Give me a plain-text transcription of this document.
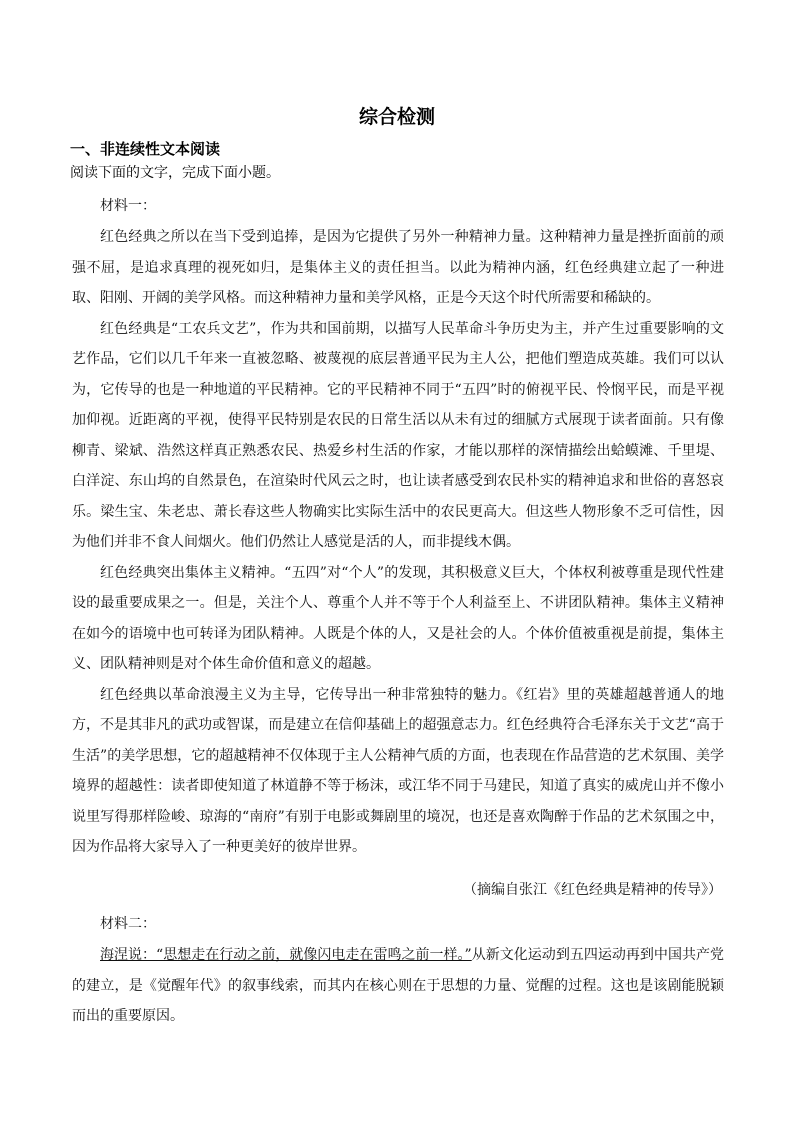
综合检测
一、非连续性文本阅读
阅读下面的文字，完成下面小题。
材料一：

红色经典之所以在当下受到追捧，是因为它提供了另外一种精神力量。这种精神力量是挫折面前的顽强不屈，是追求真理的视死如归，是集体主义的责任担当。以此为精神内涵，红色经典建立起了一种进取、阳刚、开阔的美学风格。而这种精神力量和美学风格，正是今天这个时代所需要和稀缺的。

红色经典是“工农兵文艺”，作为共和国前期，以描写人民革命斗争历史为主，并产生过重要影响的文艺作品，它们以几千年来一直被忽略、被蔑视的底层普通平民为主人公，把他们塑造成英雄。我们可以认为，它传导的也是一种地道的平民精神。它的平民精神不同于“五四”时的俯视平民、怜悯平民，而是平视加仰视。近距离的平视，使得平民特别是农民的日常生活以从未有过的细腻方式展现于读者面前。只有像柳青、梁斌、浩然这样真正熟悉农民、热爱乡村生活的作家，才能以那样的深情描绘出蛤蟆滩、千里堤、白洋淀、东山坞的自然景色，在渲染时代风云之时，也让读者感受到农民朴实的精神追求和世俗的喜怒哀乐。梁生宝、朱老忠、萧长春这些人物确实比实际生活中的农民更高大。但这些人物形象不乏可信性，因为他们并非不食人间烟火。他们仍然让人感觉是活的人，而非提线木偶。

红色经典突出集体主义精神。“五四”对“个人”的发现，其积极意义巨大，个体权利被尊重是现代性建设的最重要成果之一。但是，关注个人、尊重个人并不等于个人利益至上、不讲团队精神。集体主义精神在如今的语境中也可转译为团队精神。人既是个体的人，又是社会的人。个体价值被重视是前提，集体主义、团队精神则是对个体生命价值和意义的超越。

红色经典以革命浪漫主义为主导，它传导出一种非常独特的魅力。《红岩》里的英雄超越普通人的地方，不是其非凡的武功或智谋，而是建立在信仰基础上的超强意志力。红色经典符合毛泽东关于文艺“高于生活”的美学思想，它的超越精神不仅体现于主人公精神气质的方面，也表现在作品营造的艺术氛围、美学境界的超越性：读者即使知道了林道静不等于杨沫，或江华不同于马建民，知道了真实的威虎山并不像小说里写得那样险峻、琼海的“南府”有别于电影或舞剧里的境况，也还是喜欢陶醉于作品的艺术氛围之中，因为作品将大家导入了一种更美好的彼岸世界。

（摘编自张江《红色经典是精神的传导》）
材料二：

海涅说：“思想走在行动之前，就像闪电走在雷鸣之前一样。”从新文化运动到五四运动再到中国共产党的建立，是《觉醒年代》的叙事线索，而其内在核心则在于思想的力量、觉醒的过程。这也是该剧能脱颖而出的重要原因。
